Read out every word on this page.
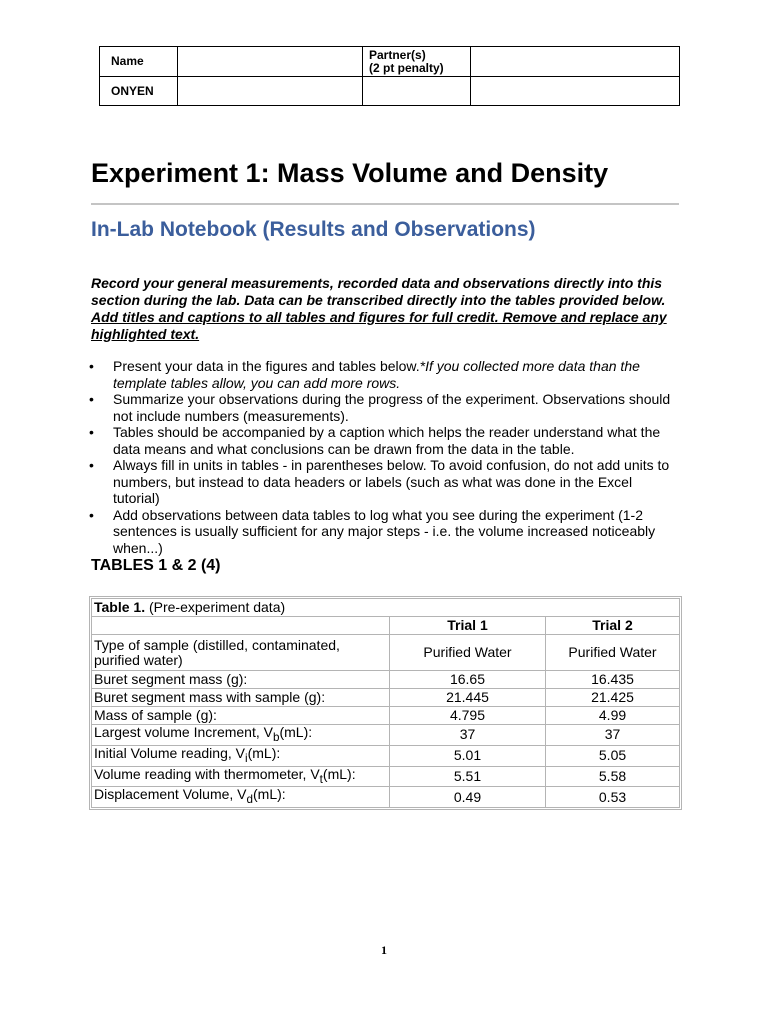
Name		Partner(s)
(2 pt penalty)	
ONYEN			
Experiment 1: Mass Volume and Density
In-Lab Notebook (Results and Observations)

Record your general measurements, recorded data and observations directly into this section during the lab. Data can be transcribed directly into the tables provided below. Add titles and captions to all tables and figures for full credit. Remove and replace any highlighted text.

• Present your data in the figures and tables below.*If you collected more data than the template tables allow, you can add more rows.
• Summarize your observations during the progress of the experiment. Observations should not include numbers (measurements).
• Tables should be accompanied by a caption which helps the reader understand what the data means and what conclusions can be drawn from the data in the table.
• Always fill in units in tables - in parentheses below. To avoid confusion, do not add units to numbers, but instead to data headers or labels (such as what was done in the Excel tutorial)
• Add observations between data tables to log what you see during the experiment (1-2 sentences is usually sufficient for any major steps - i.e. the volume increased noticeably when...)
TABLES 1 & 2 (4)
Table 1. (Pre-experiment data)		
	Trial 1	Trial 2
Type of sample (distilled, contaminated, purified water)	Purified Water	Purified Water
Buret segment mass (g):	16.65	16.435
Buret segment mass with sample (g):	21.445	21.425
Mass of sample (g):	4.795	4.99
Largest volume Increment, $V_b(mL)$:	37	37
Initial Volume reading, $V_i(mL)$:	5.01	5.05
Volume reading with thermometer, $V_t(mL)$:	5.51	5.58
Displacement Volume, $V_d(mL)$:	0.49	0.53
1
